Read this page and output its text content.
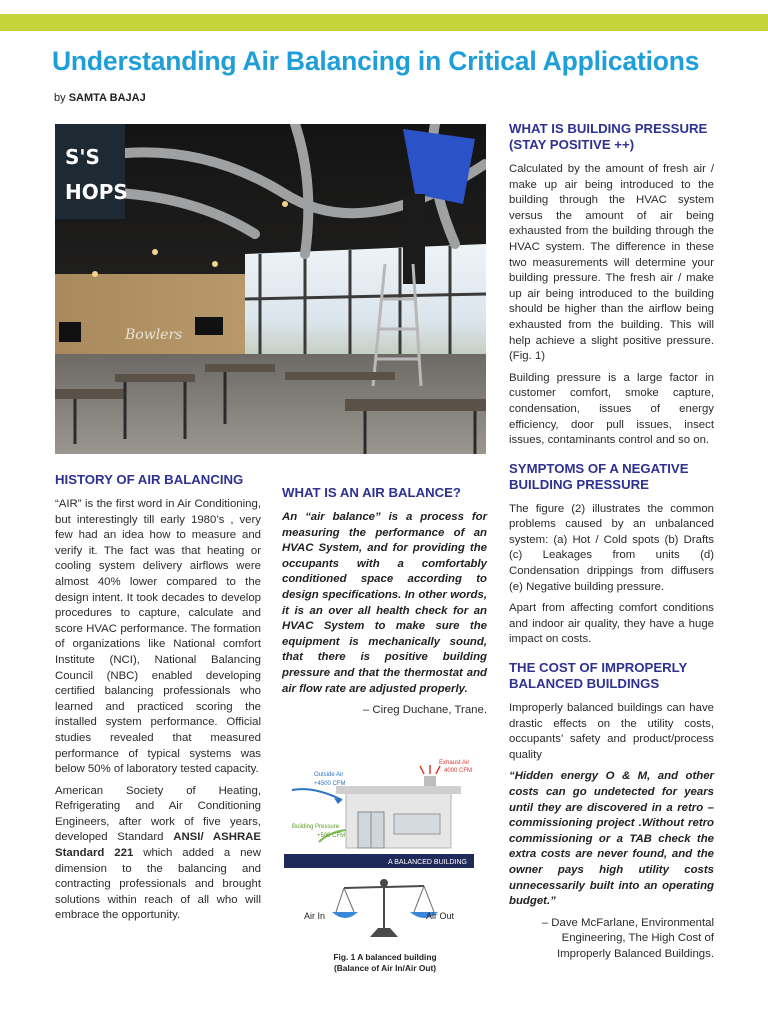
Understanding Air Balancing in Critical Applications
by SAMTA BAJAJ
S'S
HOPS
Bowlers
HISTORY OF AIR BALANCING

“AIR” is the first word in Air Conditioning, but interestingly till early 1980’s , very few had an idea how to measure and verify it. The fact was that heating or cooling system delivery airflows were almost 40% lower compared to the design intent. It took decades to develop procedures to capture, calculate and score HVAC performance. The formation of organizations like National comfort Institute (NCI), National Balancing Council (NBC) enabled developing certified balancing professionals who learned and practiced scoring the installed system performance. Official studies revealed that measured performance of typical systems was below 50% of laboratory tested capacity.

American Society of Heating, Refrigerating and Air Conditioning Engineers, after work of five years, developed Standard ANSI/ ASHRAE Standard 221 which added a new dimension to the balancing and contracting professionals and brought solutions within reach of all who will embrace the opportunity.

WHAT IS AN AIR BALANCE?

An “air balance” is a process for measuring the performance of an HVAC System, and for providing the occupants with a comfortably conditioned space according to design specifications. In other words, it is an over all health check for an HVAC System to make sure the equipment is mechanically sound, that there is positive building pressure and that the thermostat and air flow rate are adjusted properly.

– Cireg Duchane, Trane.

Exhaust Air
4000 CFM
Outside Air
+4500 CFM
Building Pressure
+500 CFM
A BALANCED BUILDING
Air In	Air Out
Fig. 1 A balanced building
(Balance of Air In/Air Out)
WHAT IS BUILDING PRESSURE (STAY POSITIVE ++)

Calculated by the amount of fresh air / make up air being introduced to the building through the HVAC system versus the amount of air being exhausted from the building through the HVAC system. The difference in these two measurements will determine your building pressure. The fresh air / make up air being introduced to the building should be higher than the airflow being exhausted from the building. This will help achieve a slight positive pressure. (Fig. 1)

Building pressure is a large factor in customer comfort, smoke capture, condensation, issues of energy efficiency, door pull issues, insect issues, contaminants control and so on.

SYMPTOMS OF A NEGATIVE BUILDING PRESSURE

The figure (2) illustrates the common problems caused by an unbalanced system: (a) Hot / Cold spots (b) Drafts (c) Leakages from units (d) Condensation drippings from diffusers (e) Negative building pressure.

Apart from affecting comfort conditions and indoor air quality, they have a huge impact on costs.

THE COST OF IMPROPERLY BALANCED BUILDINGS

Improperly balanced buildings can have drastic effects on the utility costs, occupants’ safety and product/process quality

“Hidden energy O & M, and other costs can go undetected for years until they are discovered in a retro – commissioning project .Without retro commissioning or a TAB check the extra costs are never found, and the owner pays high utility costs unnecessarily built into an operating budget.”

– Dave McFarlane, Environmental Engineering, The High Cost of Improperly Balanced Buildings.
